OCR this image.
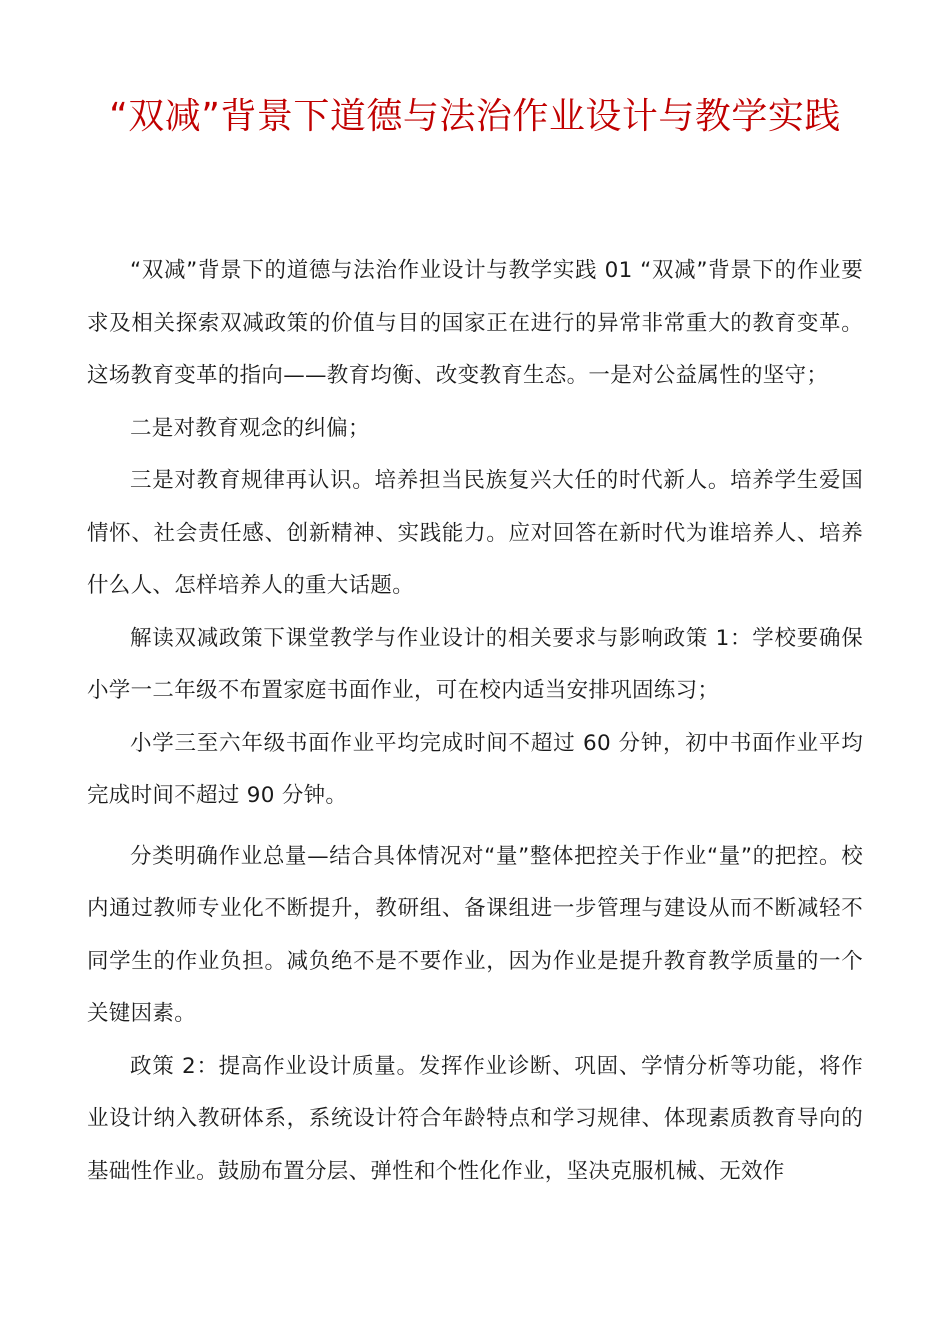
“双减”背景下道德与法治作业设计与教学实践

“双减”背景下的道德与法治作业设计与教学实践 01 “双减”背景下的作业要求及相关探索双减政策的价值与目的国家正在进行的异常非常重大的教育变革。这场教育变革的指向——教育均衡、改变教育生态。一是对公益属性的坚守；

二是对教育观念的纠偏；

三是对教育规律再认识。培养担当民族复兴大任的时代新人。培养学生爱国情怀、社会责任感、创新精神、实践能力。应对回答在新时代为谁培养人、培养什么人、怎样培养人的重大话题。

解读双减政策下课堂教学与作业设计的相关要求与影响政策 1：学校要确保小学一二年级不布置家庭书面作业，可在校内适当安排巩固练习；

小学三至六年级书面作业平均完成时间不超过 60 分钟，初中书面作业平均完成时间不超过 90 分钟。

分类明确作业总量—结合具体情况对“量”整体把控关于作业“量”的把控。校内通过教师专业化不断提升，教研组、备课组进一步管理与建设从而不断减轻不同学生的作业负担。减负绝不是不要作业，因为作业是提升教育教学质量的一个关键因素。

政策 2：提高作业设计质量。发挥作业诊断、巩固、学情分析等功能，将作业设计纳入教研体系，系统设计符合年龄特点和学习规律、体现素质教育导向的基础性作业。鼓励布置分层、弹性和个性化作业，坚决克服机械、无效作
